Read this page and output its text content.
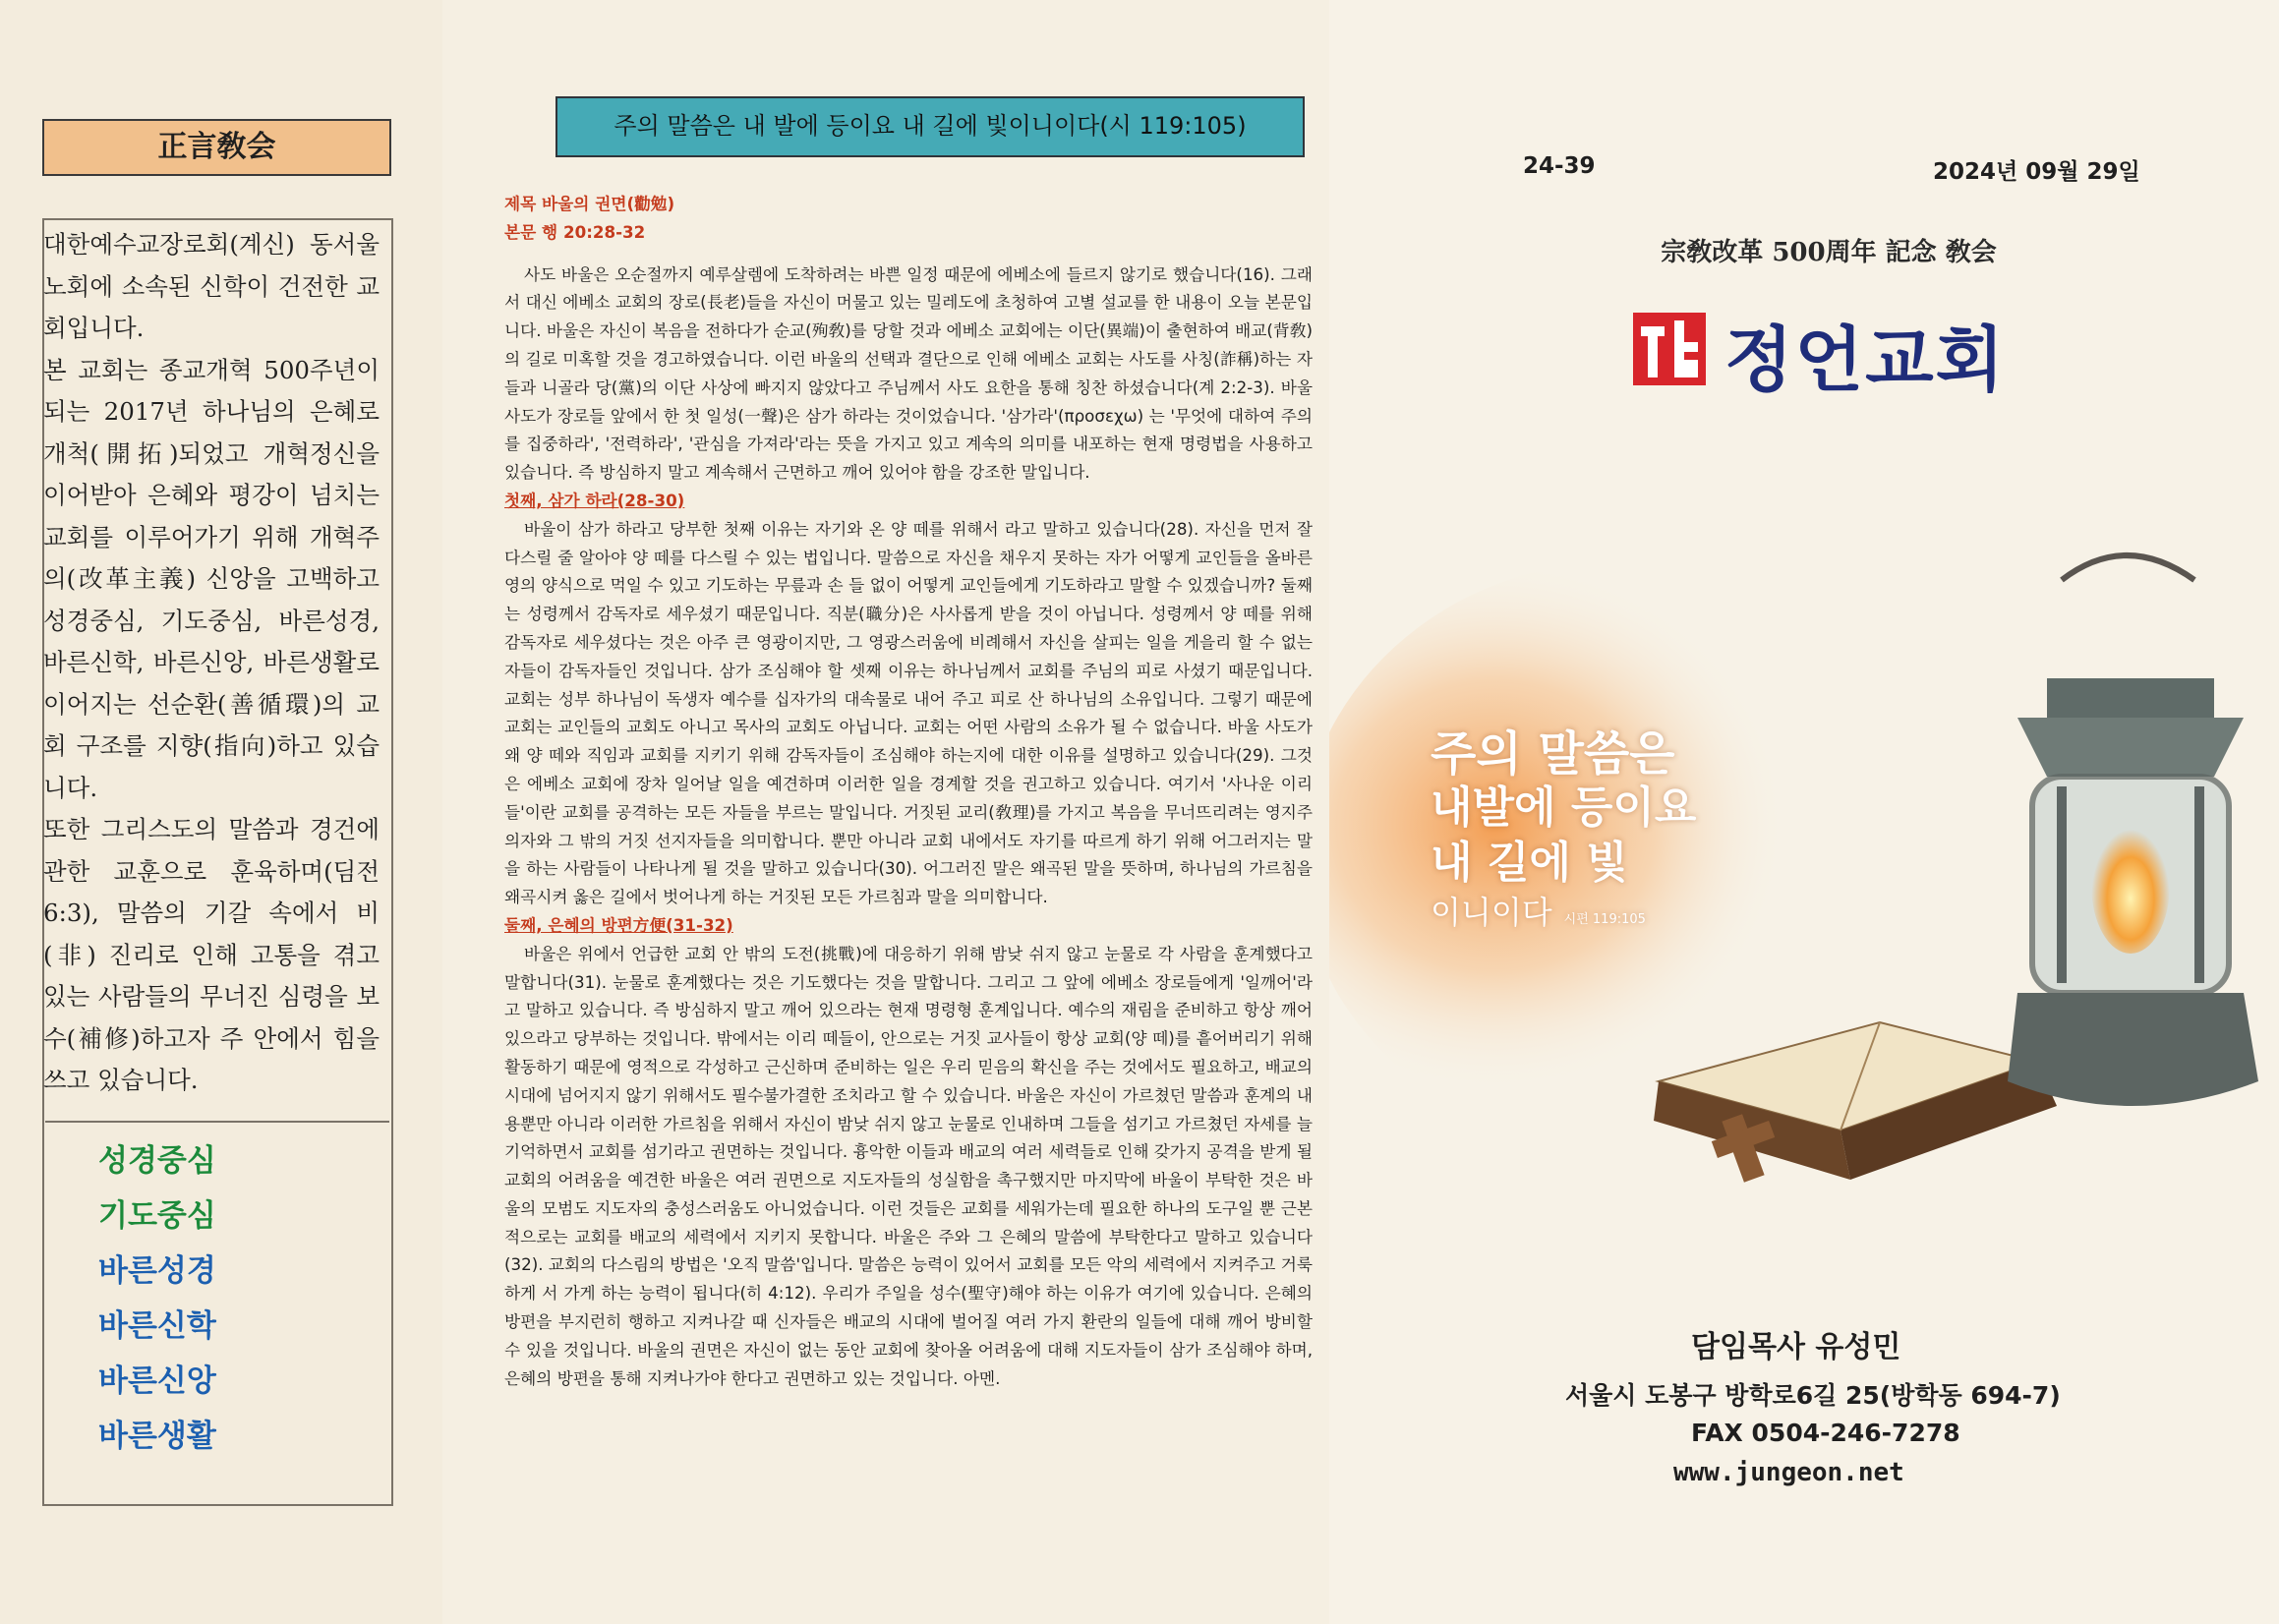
正言敎会

대한예수교장로회(계신) 동서울 노회에 소속된 신학이 건전한 교회입니다.

본 교회는 종교개혁 500주년이 되는 2017년 하나님의 은혜로 개척(開拓)되었고 개혁정신을 이어받아 은혜와 평강이 넘치는 교회를 이루어가기 위해 개혁주의(改革主義) 신앙을 고백하고 성경중심, 기도중심, 바른성경, 바른신학, 바른신앙, 바른생활로 이어지는 선순환(善循環)의 교회 구조를 지향(指向)하고 있습니다.

또한 그리스도의 말씀과 경건에 관한 교훈으로 훈육하며(딤전 6:3), 말씀의 기갈 속에서 비(非) 진리로 인해 고통을 겪고 있는 사람들의 무너진 심령을 보수(補修)하고자 주 안에서 힘을 쓰고 있습니다.

성경중심
기도중심
바른성경
바른신학
바른신앙
바른생활
주의 말씀은 내 발에 등이요 내 길에 빛이니이다(시 119:105)

제목 바울의 권면(勸勉)

본문 행 20:28-32

사도 바울은 오순절까지 예루살렘에 도착하려는 바쁜 일정 때문에 에베소에 들르지 않기로 했습니다(16). 그래서 대신 에베소 교회의 장로(長老)들을 자신이 머물고 있는 밀레도에 초청하여 고별 설교를 한 내용이 오늘 본문입니다. 바울은 자신이 복음을 전하다가 순교(殉敎)를 당할 것과 에베소 교회에는 이단(異端)이 출현하여 배교(背敎)의 길로 미혹할 것을 경고하였습니다. 이런 바울의 선택과 결단으로 인해 에베소 교회는 사도를 사칭(詐稱)하는 자들과 니골라 당(黨)의 이단 사상에 빠지지 않았다고 주님께서 사도 요한을 통해 칭찬 하셨습니다(계 2:2-3). 바울 사도가 장로들 앞에서 한 첫 일성(一聲)은 삼가 하라는 것이었습니다. '삼가라'(προσεχω) 는 '무엇에 대하여 주의를 집중하라', '전력하라', '관심을 가져라'라는 뜻을 가지고 있고 계속의 의미를 내포하는 현재 명령법을 사용하고 있습니다. 즉 방심하지 말고 계속해서 근면하고 깨어 있어야 함을 강조한 말입니다.

첫째, 삼가 하라(28-30)

바울이 삼가 하라고 당부한 첫째 이유는 자기와 온 양 떼를 위해서 라고 말하고 있습니다(28). 자신을 먼저 잘 다스릴 줄 알아야 양 떼를 다스릴 수 있는 법입니다. 말씀으로 자신을 채우지 못하는 자가 어떻게 교인들을 올바른 영의 양식으로 먹일 수 있고 기도하는 무릎과 손 들 없이 어떻게 교인들에게 기도하라고 말할 수 있겠습니까? 둘째는 성령께서 감독자로 세우셨기 때문입니다. 직분(職分)은 사사롭게 받을 것이 아닙니다. 성령께서 양 떼를 위해 감독자로 세우셨다는 것은 아주 큰 영광이지만, 그 영광스러움에 비례해서 자신을 살피는 일을 게을리 할 수 없는 자들이 감독자들인 것입니다. 삼가 조심해야 할 셋째 이유는 하나님께서 교회를 주님의 피로 사셨기 때문입니다. 교회는 성부 하나님이 독생자 예수를 십자가의 대속물로 내어 주고 피로 산 하나님의 소유입니다. 그렇기 때문에 교회는 교인들의 교회도 아니고 목사의 교회도 아닙니다. 교회는 어떤 사람의 소유가 될 수 없습니다. 바울 사도가 왜 양 떼와 직임과 교회를 지키기 위해 감독자들이 조심해야 하는지에 대한 이유를 설명하고 있습니다(29). 그것은 에베소 교회에 장차 일어날 일을 예견하며 이러한 일을 경계할 것을 권고하고 있습니다. 여기서 '사나운 이리들'이란 교회를 공격하는 모든 자들을 부르는 말입니다. 거짓된 교리(敎理)를 가지고 복음을 무너뜨리려는 영지주의자와 그 밖의 거짓 선지자들을 의미합니다. 뿐만 아니라 교회 내에서도 자기를 따르게 하기 위해 어그러지는 말을 하는 사람들이 나타나게 될 것을 말하고 있습니다(30). 어그러진 말은 왜곡된 말을 뜻하며, 하나님의 가르침을 왜곡시켜 옳은 길에서 벗어나게 하는 거짓된 모든 가르침과 말을 의미합니다.

둘째, 은혜의 방편方便(31-32)

바울은 위에서 언급한 교회 안 밖의 도전(挑戰)에 대응하기 위해 밤낮 쉬지 않고 눈물로 각 사람을 훈계했다고 말합니다(31). 눈물로 훈계했다는 것은 기도했다는 것을 말합니다. 그리고 그 앞에 에베소 장로들에게 '일깨어'라고 말하고 있습니다. 즉 방심하지 말고 깨어 있으라는 현재 명령형 훈계입니다. 예수의 재림을 준비하고 항상 깨어 있으라고 당부하는 것입니다. 밖에서는 이리 떼들이, 안으로는 거짓 교사들이 항상 교회(양 떼)를 흩어버리기 위해 활동하기 때문에 영적으로 각성하고 근신하며 준비하는 일은 우리 믿음의 확신을 주는 것에서도 필요하고, 배교의 시대에 넘어지지 않기 위해서도 필수불가결한 조치라고 할 수 있습니다. 바울은 자신이 가르쳤던 말씀과 훈계의 내용뿐만 아니라 이러한 가르침을 위해서 자신이 밤낮 쉬지 않고 눈물로 인내하며 그들을 섬기고 가르쳤던 자세를 늘 기억하면서 교회를 섬기라고 권면하는 것입니다. 흉악한 이들과 배교의 여러 세력들로 인해 갖가지 공격을 받게 될 교회의 어려움을 예견한 바울은 여러 권면으로 지도자들의 성실함을 촉구했지만 마지막에 바울이 부탁한 것은 바울의 모범도 지도자의 충성스러움도 아니었습니다. 이런 것들은 교회를 세워가는데 필요한 하나의 도구일 뿐 근본적으로는 교회를 배교의 세력에서 지키지 못합니다. 바울은 주와 그 은혜의 말씀에 부탁한다고 말하고 있습니다(32). 교회의 다스림의 방법은 '오직 말씀'입니다. 말씀은 능력이 있어서 교회를 모든 악의 세력에서 지켜주고 거룩하게 서 가게 하는 능력이 됩니다(히 4:12). 우리가 주일을 성수(聖守)해야 하는 이유가 여기에 있습니다. 은혜의 방편을 부지런히 행하고 지켜나갈 때 신자들은 배교의 시대에 벌어질 여러 가지 환란의 일들에 대해 깨어 방비할 수 있을 것입니다. 바울의 권면은 자신이 없는 동안 교회에 찾아올 어려움에 대해 지도자들이 삼가 조심해야 하며, 은혜의 방편을 통해 지켜나가야 한다고 권면하고 있는 것입니다. 아멘.

24-39	2024년 09월 29일
宗敎改革 500周年 記念 敎会
정언교회
주의 말씀은
내발에 등이요
내 길에 빛
이니이다 시편 119:105
담임목사 유성민
서울시 도봉구 방학로6길 25(방학동 694-7)
FAX 0504-246-7278
www.jungeon.net
